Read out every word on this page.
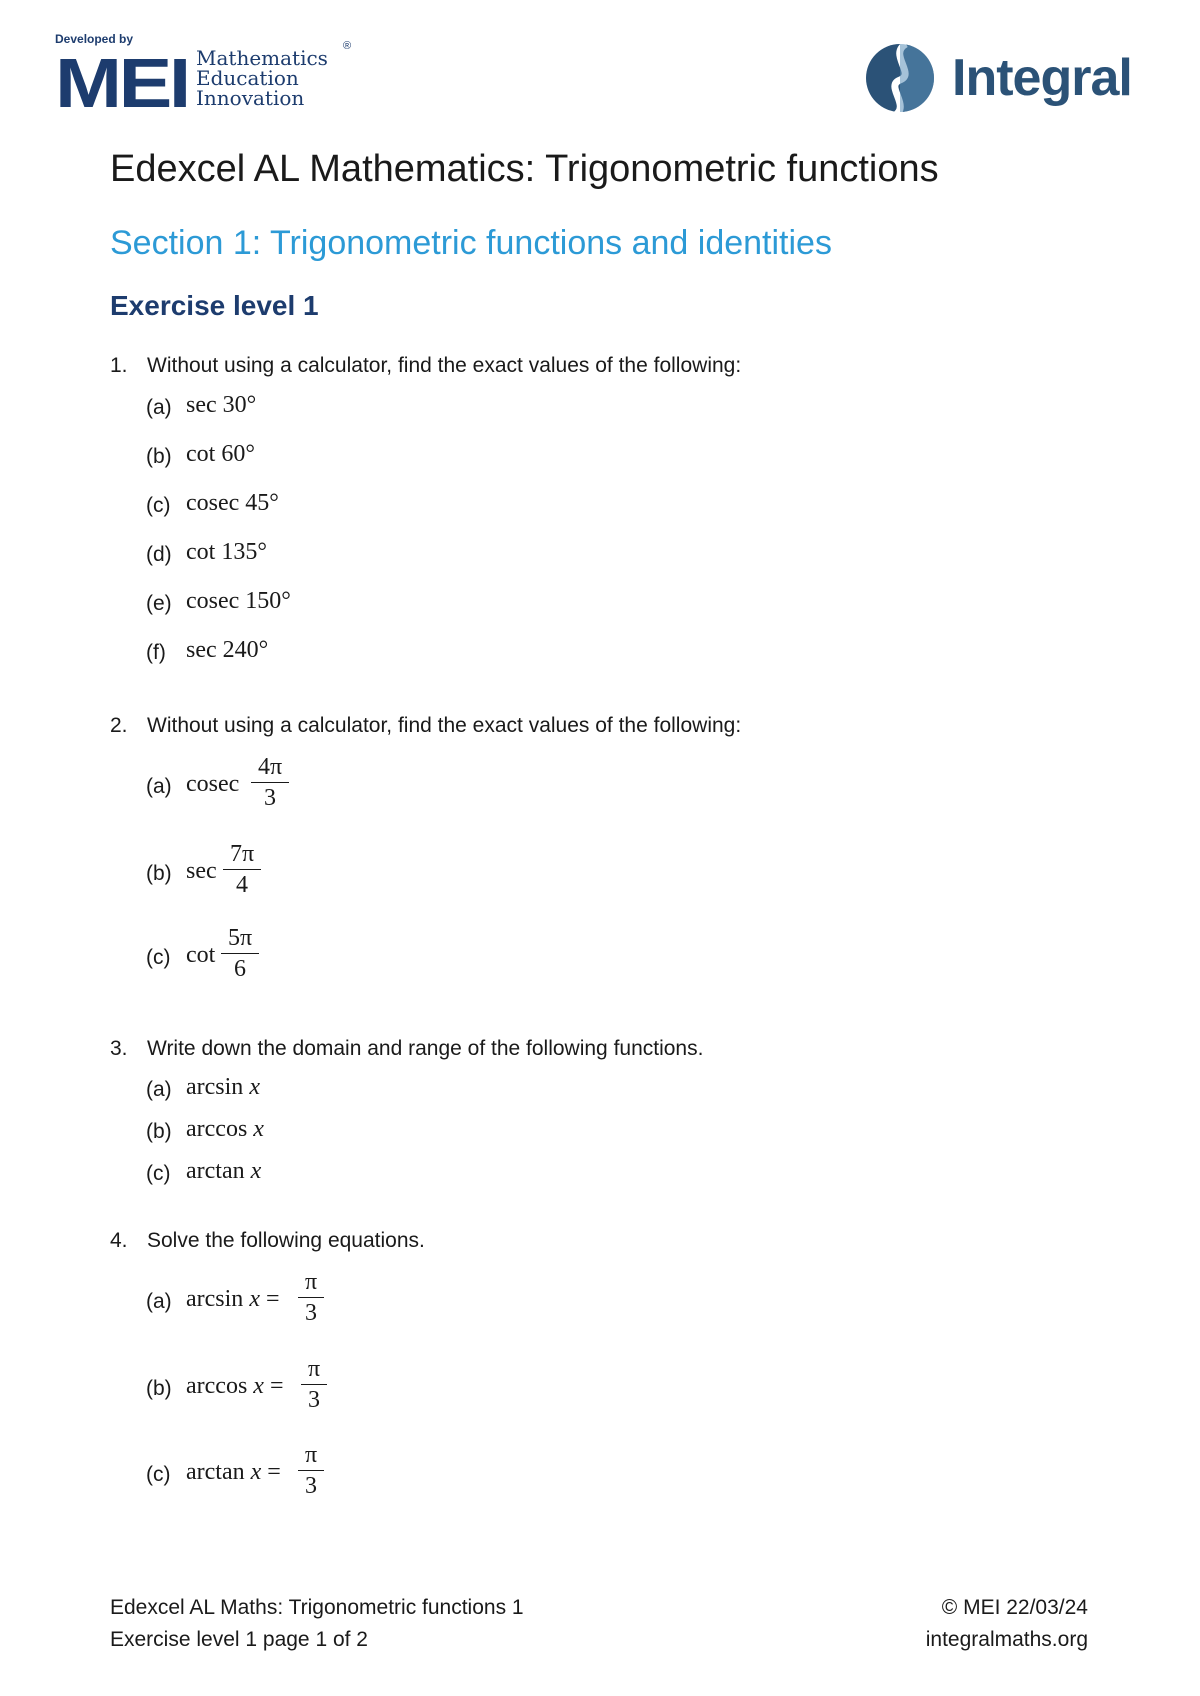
Developed by
MEI Mathematics
Education
Innovation
®
Integral
Edexcel AL Mathematics: Trigonometric functions
Section 1: Trigonometric functions and identities
Exercise level 1
1. Without using a calculator, find the exact values of the following:
(a) sec 30°
(b) cot 60°
(c) cosec 45°
(d) cot 135°
(e) cosec 150°
(f) sec 240°
2. Without using a calculator, find the exact values of the following:
(a) cosec
4π
3
(b) sec
7π
4
(c) cot
5π
6
3. Write down the domain and range of the following functions.
(a) arcsin x
(b) arccos x
(c) arctan x
4. Solve the following equations.
(a) arcsin x =
π
3
(b) arccos x =
π
3
(c) arctan x =
π
3
Edexcel AL Maths: Trigonometric functions 1
Exercise level 1 page 1 of 2
© MEI 22/03/24
integralmaths.org
